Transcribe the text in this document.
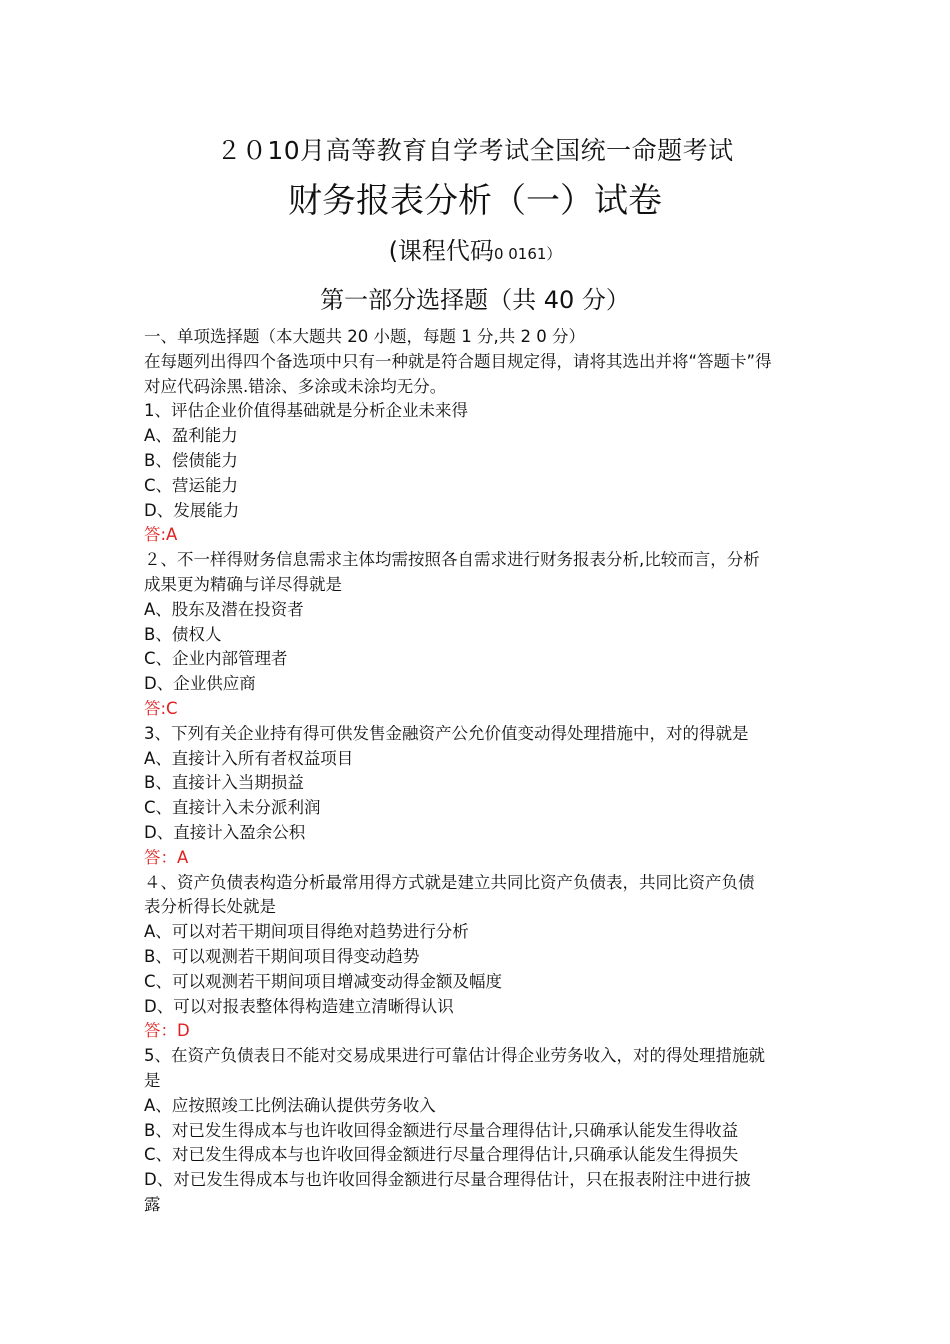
２０10月高等教育自学考试全国统一命题考试
财务报表分析（一）试卷
(课程代码0 0161）
第一部分选择题（共 40 分）
一、单项选择题（本大题共 20 小题，每题 1 分,共 2 0 分）
在每题列出得四个备选项中只有一种就是符合题目规定得，请将其选出并将“答题卡”得
对应代码涂黑.错涂、多涂或未涂均无分。
1、评估企业价值得基础就是分析企业未来得
A、盈利能力
B、偿债能力
C、营运能力
D、发展能力
答:A
２、不一样得财务信息需求主体均需按照各自需求进行财务报表分析,比较而言，分析
成果更为精确与详尽得就是
A、股东及潜在投资者
B、债权人
C、企业内部管理者
D、企业供应商
答:C
3、下列有关企业持有得可供发售金融资产公允价值变动得处理措施中，对的得就是
A、直接计入所有者权益项目
B、直接计入当期损益
C、直接计入未分派利润
D、直接计入盈余公积
答：A
４、资产负债表构造分析最常用得方式就是建立共同比资产负债表，共同比资产负债
表分析得长处就是
A、可以对若干期间项目得绝对趋势进行分析
B、可以观测若干期间项目得变动趋势
C、可以观测若干期间项目增减变动得金额及幅度
D、可以对报表整体得构造建立清晰得认识
答：D
5、在资产负债表日不能对交易成果进行可靠估计得企业劳务收入，对的得处理措施就
是
A、应按照竣工比例法确认提供劳务收入
B、对已发生得成本与也许收回得金额进行尽量合理得估计,只确承认能发生得收益
C、对已发生得成本与也许收回得金额进行尽量合理得估计,只确承认能发生得损失
D、对已发生得成本与也许收回得金额进行尽量合理得估计，只在报表附注中进行披
露
